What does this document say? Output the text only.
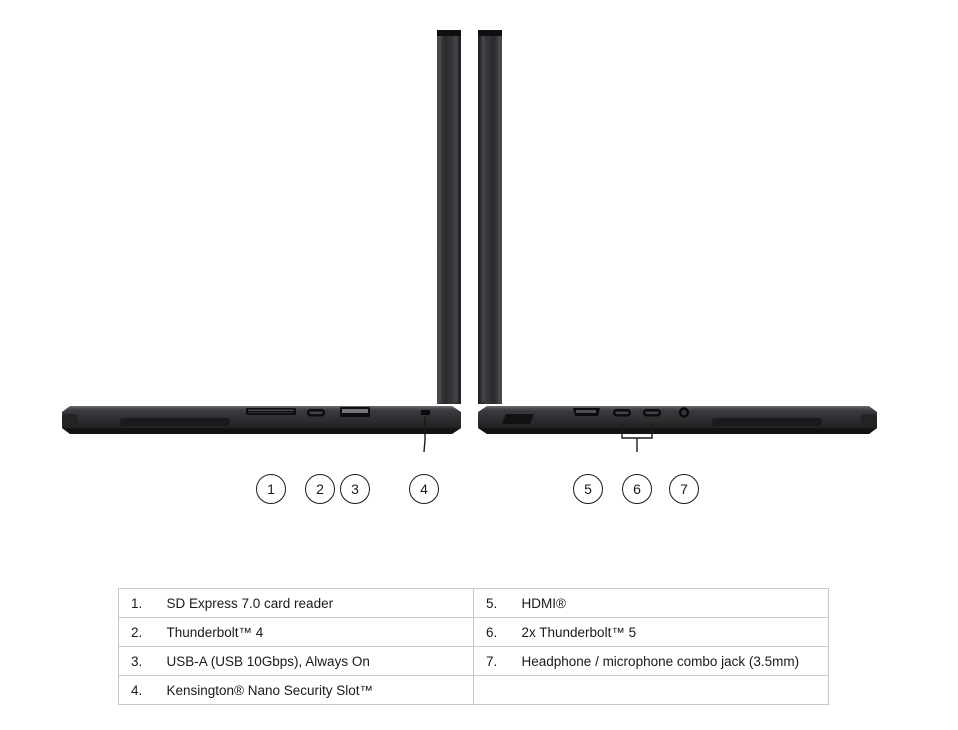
1	2	3	4	5	6	7
1.	SD Express 7.0 card reader	5.	HDMI®
2.	Thunderbolt™ 4	6.	2x Thunderbolt™ 5
3.	USB-A (USB 10Gbps), Always On	7.	Headphone / microphone combo jack (3.5mm)
4.	Kensington® Nano Security Slot™		
